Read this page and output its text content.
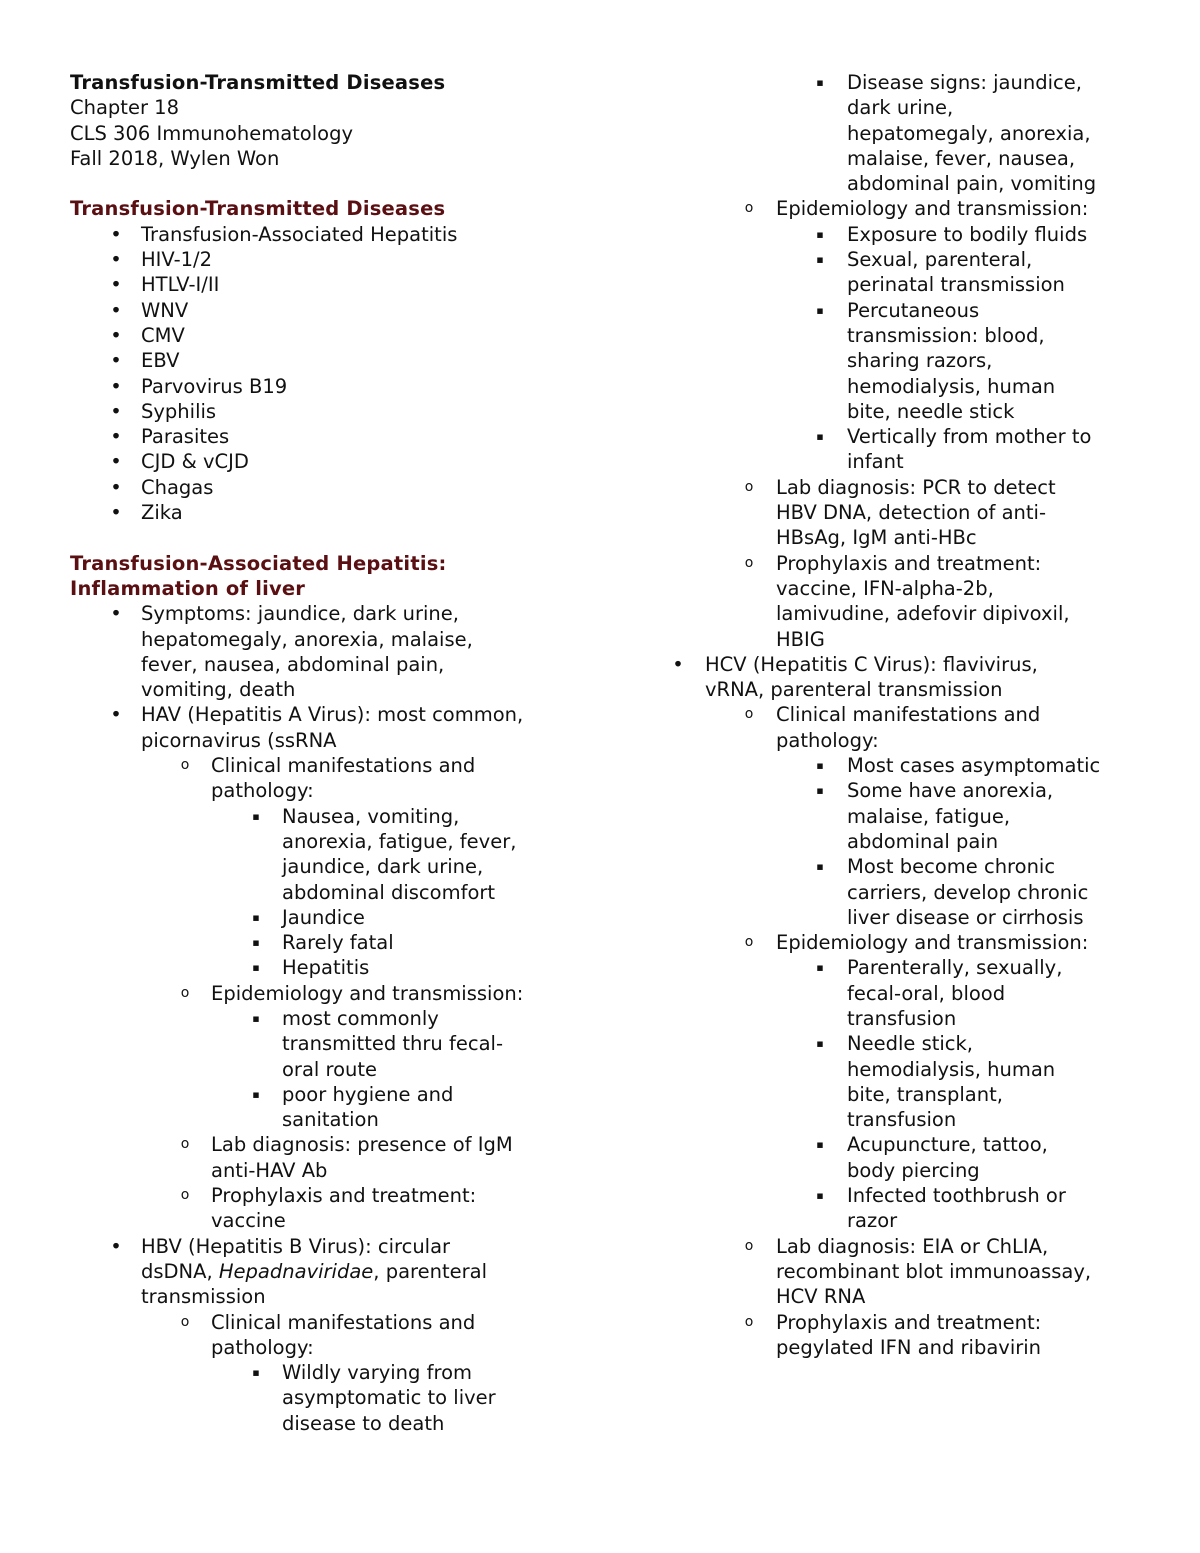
Transfusion-Transmitted Diseases
Chapter 18
CLS 306 Immunohematology
Fall 2018, Wylen Won
Transfusion-Transmitted Diseases
• Transfusion-Associated Hepatitis
• HIV-1/2
• HTLV-I/II
• WNV
• CMV
• EBV
• Parvovirus B19
• Syphilis
• Parasites
• CJD & vCJD
• Chagas
• Zika
Transfusion-Associated Hepatitis:
Inflammation of liver
• Symptoms: jaundice, dark urine,
hepatomegaly, anorexia, malaise,
fever, nausea, abdominal pain,
vomiting, death
• HAV (Hepatitis A Virus): most common,
picornavirus (ssRNA
o Clinical manifestations and
pathology:
▪	Nausea, vomiting,
anorexia, fatigue, fever,
jaundice, dark urine,
abdominal discomfort
▪	Jaundice
▪	Rarely fatal
▪	Hepatitis
o Epidemiology and transmission:
▪	most commonly
transmitted thru fecal-
oral route
▪	poor hygiene and
sanitation
o Lab diagnosis: presence of IgM
anti-HAV Ab
o Prophylaxis and treatment:
vaccine
• HBV (Hepatitis B Virus): circular
dsDNA, Hepadnaviridae, parenteral
transmission
o Clinical manifestations and
pathology:
▪	Wildly varying from
asymptomatic to liver
disease to death
▪	Disease signs: jaundice,
dark urine,
hepatomegaly, anorexia,
malaise, fever, nausea,
abdominal pain, vomiting
o Epidemiology and transmission:
▪	Exposure to bodily fluids
▪	Sexual, parenteral,
perinatal transmission
▪	Percutaneous
transmission: blood,
sharing razors,
hemodialysis, human
bite, needle stick
▪	Vertically from mother to
infant
o Lab diagnosis: PCR to detect
HBV DNA, detection of anti-
HBsAg, IgM anti-HBc
o Prophylaxis and treatment:
vaccine, IFN-alpha-2b,
lamivudine, adefovir dipivoxil,
HBIG
• HCV (Hepatitis C Virus): flavivirus,
vRNA, parenteral transmission
o Clinical manifestations and
pathology:
▪	Most cases asymptomatic
▪	Some have anorexia,
malaise, fatigue,
abdominal pain
▪	Most become chronic
carriers, develop chronic
liver disease or cirrhosis
o Epidemiology and transmission:
▪	Parenterally, sexually,
fecal-oral, blood
transfusion
▪	Needle stick,
hemodialysis, human
bite, transplant,
transfusion
▪	Acupuncture, tattoo,
body piercing
▪	Infected toothbrush or
razor
o Lab diagnosis: EIA or ChLIA,
recombinant blot immunoassay,
HCV RNA
o Prophylaxis and treatment:
pegylated IFN and ribavirin
